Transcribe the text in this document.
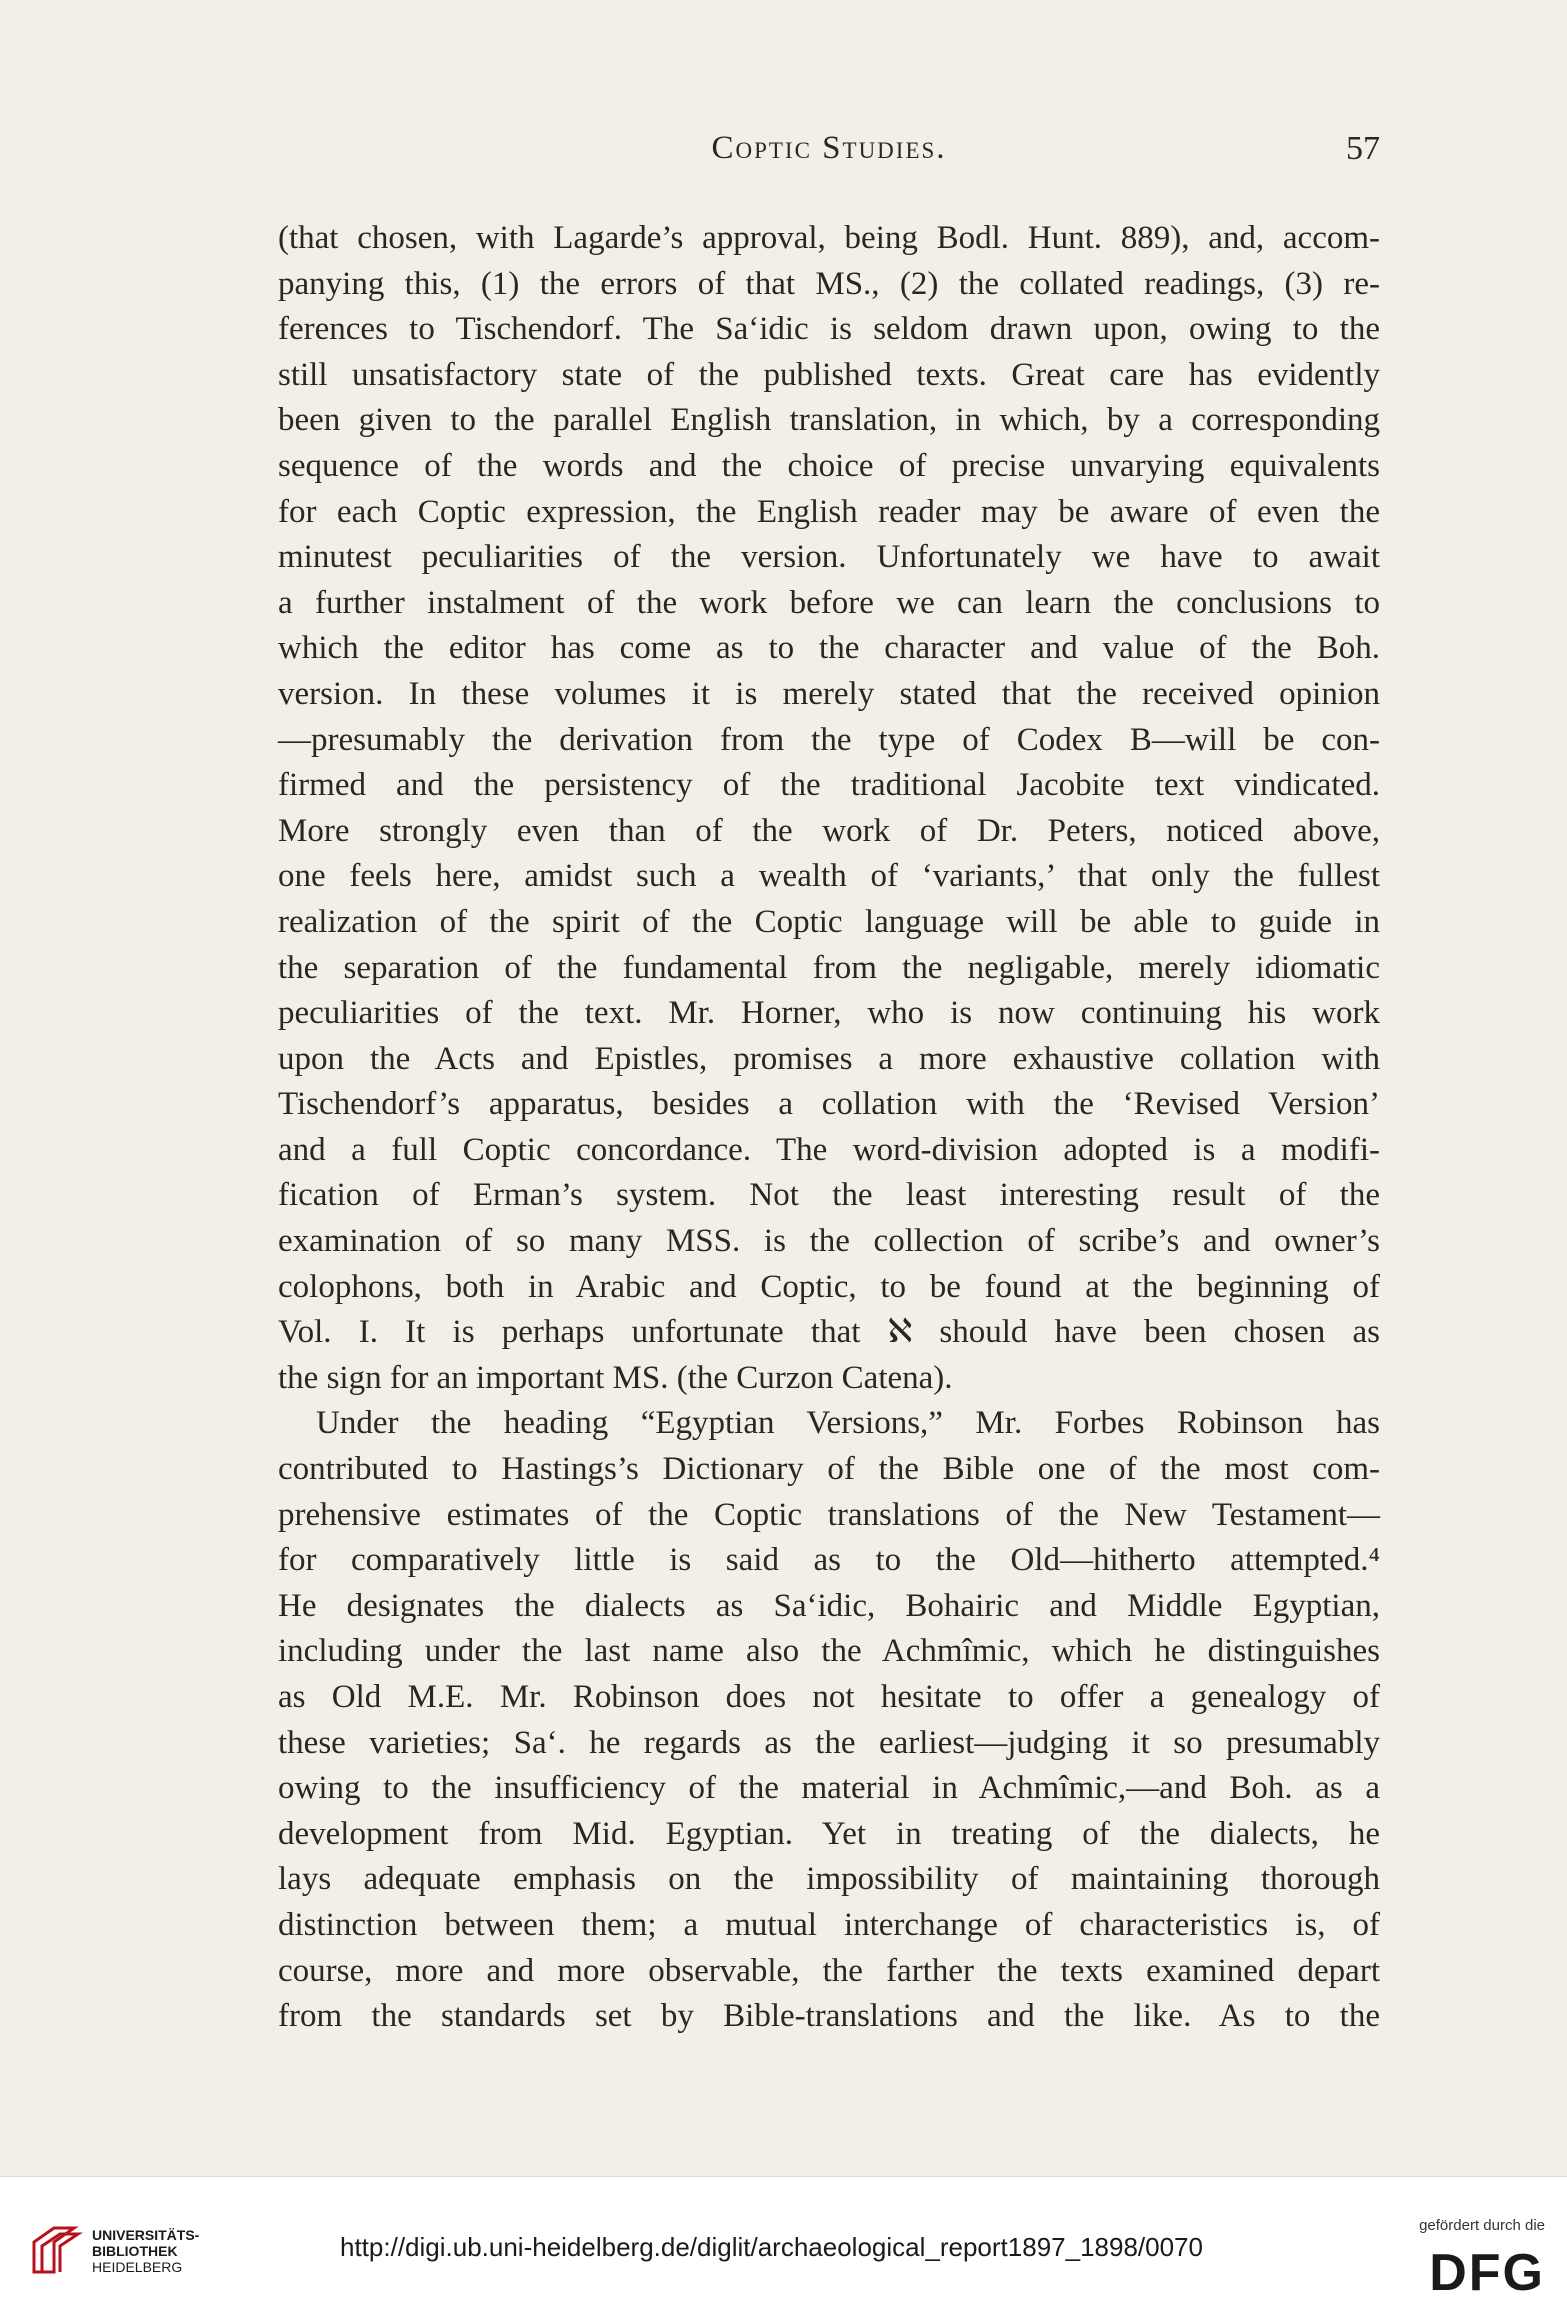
Coptic Studies.	57
(that chosen, with Lagarde’s approval, being Bodl. Hunt. 889), and, accom-
panying this, (1) the errors of that MS., (2) the collated readings, (3) re-
ferences to Tischendorf. The Sa‘idic is seldom drawn upon, owing to the
still unsatisfactory state of the published texts. Great care has evidently
been given to the parallel English translation, in which, by a corresponding
sequence of the words and the choice of precise unvarying equivalents
for each Coptic expression, the English reader may be aware of even the
minutest peculiarities of the version. Unfortunately we have to await
a further instalment of the work before we can learn the conclusions to
which the editor has come as to the character and value of the Boh.
version. In these volumes it is merely stated that the received opinion
—presumably the derivation from the type of Codex B—will be con-
firmed and the persistency of the traditional Jacobite text vindicated.
More strongly even than of the work of Dr. Peters, noticed above,
one feels here, amidst such a wealth of ‘variants,’ that only the fullest
realization of the spirit of the Coptic language will be able to guide in
the separation of the fundamental from the negligable, merely idiomatic
peculiarities of the text. Mr. Horner, who is now continuing his work
upon the Acts and Epistles, promises a more exhaustive collation with
Tischendorf’s apparatus, besides a collation with the ‘Revised Version’
and a full Coptic concordance. The word-division adopted is a modifi-
fication of Erman’s system. Not the least interesting result of the
examination of so many MSS. is the collection of scribe’s and owner’s
colophons, both in Arabic and Coptic, to be found at the beginning of
Vol. I. It is perhaps unfortunate that ℵ should have been chosen as
the sign for an important MS. (the Curzon Catena).
Under the heading “Egyptian Versions,” Mr. Forbes Robinson has
contributed to Hastings’s Dictionary of the Bible one of the most com-
prehensive estimates of the Coptic translations of the New Testament—
for comparatively little is said as to the Old—hitherto attempted.⁴
He designates the dialects as Sa‘idic, Bohairic and Middle Egyptian,
including under the last name also the Achmîmic, which he distinguishes
as Old M.E. Mr. Robinson does not hesitate to offer a genealogy of
these varieties; Sa‘. he regards as the earliest—judging it so presumably
owing to the insufficiency of the material in Achmîmic,—and Boh. as a
development from Mid. Egyptian. Yet in treating of the dialects, he
lays adequate emphasis on the impossibility of maintaining thorough
distinction between them; a mutual interchange of characteristics is, of
course, more and more observable, the farther the texts examined depart
from the standards set by Bible-translations and the like. As to the
UNIVERSITÄTS-
BIBLIOTHEK
HEIDELBERG
http://digi.ub.uni-heidelberg.de/diglit/archaeological_report1897_1898/0070
gefördert durch die
DFG
